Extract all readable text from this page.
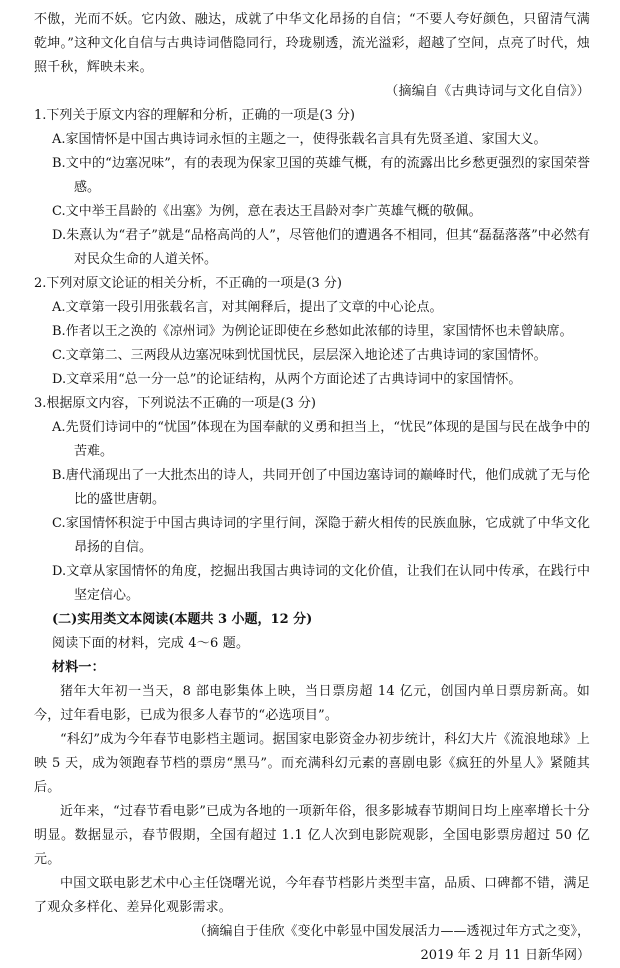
不傲，光而不妖。它内敛、融达，成就了中华文化昂扬的自信；“不要人夸好颜色，只留清气满乾坤。”这种文化自信与古典诗词偕隐同行，玲珑剔透，流光溢彩，超越了空间，点亮了时代，烛照千秋，辉映未来。

（摘编自《古典诗词与文化自信》）

1.下列关于原文内容的理解和分析，正确的一项是(3 分)

A.家国情怀是中国古典诗词永恒的主题之一，使得张载名言具有先贤圣道、家国大义。

B.文中的“边塞况味”，有的表现为保家卫国的英雄气概，有的流露出比乡愁更强烈的家国荣誉感。

C.文中举王昌龄的《出塞》为例，意在表达王昌龄对李广英雄气概的敬佩。

D.朱熹认为“君子”就是“品格高尚的人”，尽管他们的遭遇各不相同，但其“磊磊落落”中必然有对民众生命的人道关怀。

2.下列对原文论证的相关分析，不正确的一项是(3 分)

A.文章第一段引用张载名言，对其阐释后，提出了文章的中心论点。

B.作者以王之涣的《凉州词》为例论证即使在乡愁如此浓郁的诗里，家国情怀也未曾缺席。

C.文章第二、三两段从边塞况味到忧国忧民，层层深入地论述了古典诗词的家国情怀。

D.文章采用“总一分一总”的论证结构，从两个方面论述了古典诗词中的家国情怀。

3.根据原文内容，下列说法不正确的一项是(3 分)

A.先贤们诗词中的“忧国”体现在为国奉献的义勇和担当上，“忧民”体现的是国与民在战争中的苦难。

B.唐代涌现出了一大批杰出的诗人，共同开创了中国边塞诗词的巅峰时代，他们成就了无与伦比的盛世唐朝。

C.家国情怀积淀于中国古典诗词的字里行间，深隐于薪火相传的民族血脉，它成就了中华文化昂扬的自信。

D.文章从家国情怀的角度，挖掘出我国古典诗词的文化价值，让我们在认同中传承，在践行中坚定信心。

(二)实用类文本阅读(本题共 3 小题，12 分)

阅读下面的材料，完成 4～6 题。

材料一：

猪年大年初一当天，8 部电影集体上映，当日票房超 14 亿元，创国内单日票房新高。如今，过年看电影，已成为很多人春节的“必选项目”。

“科幻”成为今年春节电影档主题词。据国家电影资金办初步统计，科幻大片《流浪地球》上映 5 天，成为领跑春节档的票房“黑马”。而充满科幻元素的喜剧电影《疯狂的外星人》紧随其后。

近年来，“过春节看电影”已成为各地的一项新年俗，很多影城春节期间日均上座率增长十分明显。数据显示，春节假期，全国有超过 1.1 亿人次到电影院观影，全国电影票房超过 50 亿元。

中国文联电影艺术中心主任饶曙光说，今年春节档影片类型丰富，品质、口碑都不错，满足了观众多样化、差异化观影需求。

（摘编自于佳欣《变化中彰显中国发展活力——透视过年方式之变》，

2019 年 2 月 11 日新华网）
